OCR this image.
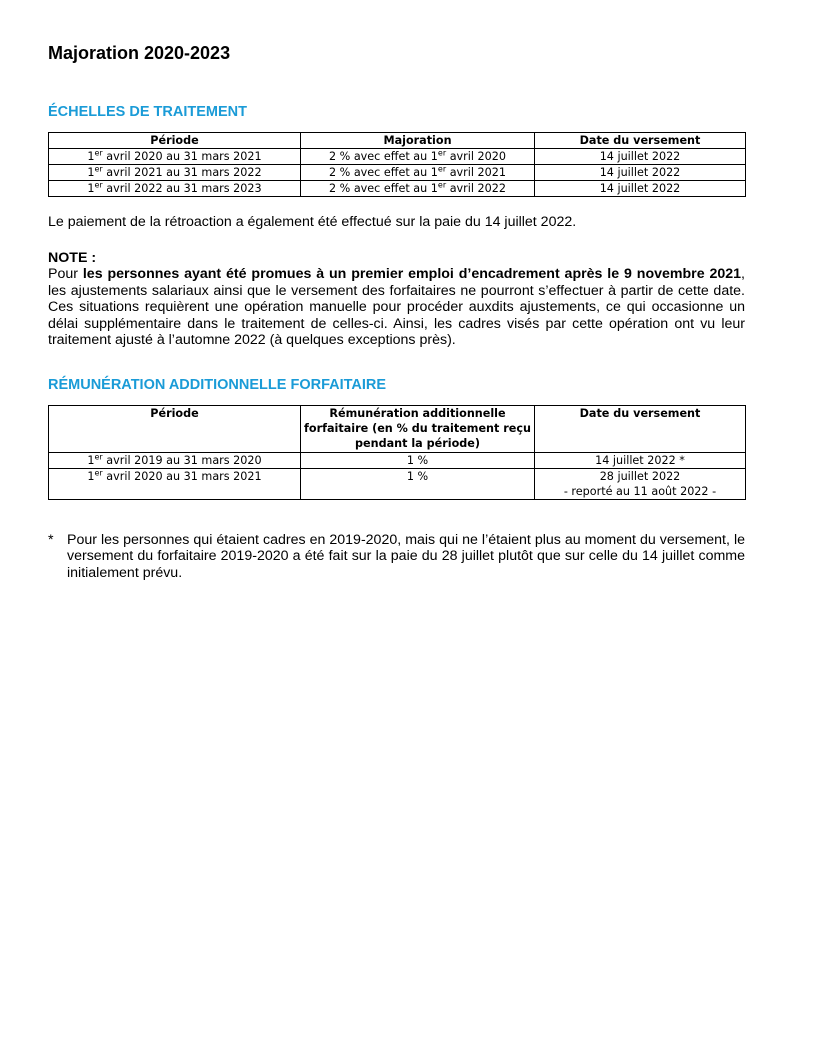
Majoration 2020-2023
ÉCHELLES DE TRAITEMENT
Période	Majoration	Date du versement
1er avril 2020 au 31 mars 2021	2 % avec effet au 1er avril 2020	14 juillet 2022
1er avril 2021 au 31 mars 2022	2 % avec effet au 1er avril 2021	14 juillet 2022
1er avril 2022 au 31 mars 2023	2 % avec effet au 1er avril 2022	14 juillet 2022

Le paiement de la rétroaction a également été effectué sur la paie du 14 juillet 2022.

NOTE :

Pour les personnes ayant été promues à un premier emploi d’encadrement après le 9 novembre 2021, les ajustements salariaux ainsi que le versement des forfaitaires ne pourront s’effectuer à partir de cette date. Ces situations requièrent une opération manuelle pour procéder auxdits ajustements, ce qui occasionne un délai supplémentaire dans le traitement de celles-ci. Ainsi, les cadres visés par cette opération ont vu leur traitement ajusté à l’automne 2022 (à quelques exceptions près).

RÉMUNÉRATION ADDITIONNELLE FORFAITAIRE
Période	Rémunération additionnelle forfaitaire (en % du traitement reçu pendant la période)	Date du versement
1er avril 2019 au 31 mars 2020	1 %	14 juillet 2022 *

1er avril 2020 au 31 mars 2021	1 %	28 juillet 2022
- reporté au 11 août 2022 -
* Pour les personnes qui étaient cadres en 2019-2020, mais qui ne l’étaient plus au moment du versement, le versement du forfaitaire 2019-2020 a été fait sur la paie du 28 juillet plutôt que sur celle du 14 juillet comme initialement prévu.
